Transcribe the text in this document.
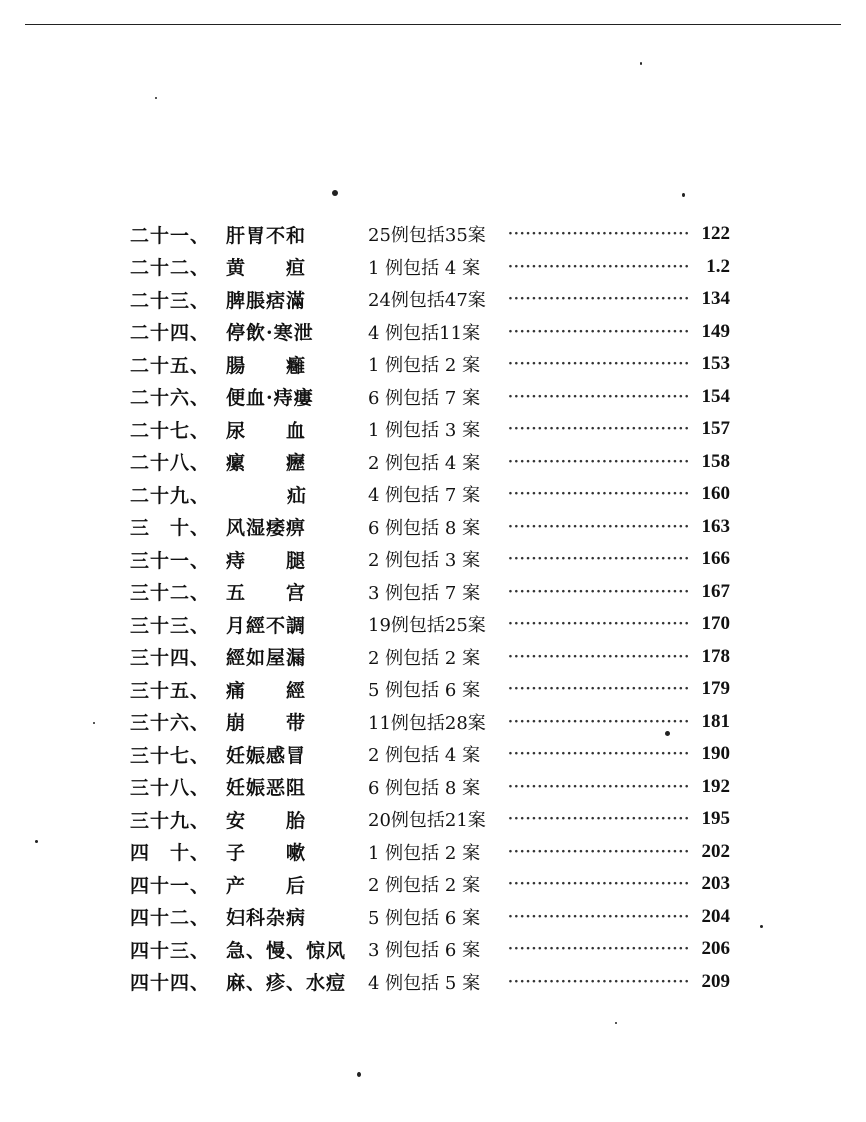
二十一、 肝胃不和	25例包括35案 ·····	122
二十二、 黄　　疸	1 例包括 4 案 ·····	1.2
二十三、 脾脹痞滿	24例包括47案 ·····	134
二十四、 停飲·寒泄	4 例包括11案 ·····	149
二十五、 腸　　癰	1 例包括 2 案 ·····	153
二十六、 便血·痔瘻	6 例包括 7 案 ·····	154
二十七、 尿　　血	1 例包括 3 案 ·····	157
二十八、 瘰　　癧	2 例包括 4 案 ·····	158
二十九、	疝	4 例包括 7 案 ·····	160
三　十、 风湿痿痹	6 例包括 8 案 ·····	163
三十一、 痔　　腿	2 例包括 3 案 ·····	166
三十二、 五　　宫	3 例包括 7 案 ·····	167
三十三、 月經不調	19例包括25案 ·····	170
三十四、 經如屋漏	2 例包括 2 案 ·····	178
三十五、 痛　　經	5 例包括 6 案 ·····	179
三十六、 崩　　带	11例包括28案 ·····	181
三十七、 妊娠感冒	2 例包括 4 案 ·····	190
三十八、 妊娠恶阻	6 例包括 8 案 ·····	192
三十九、 安　　胎	20例包括21案 ·····	195
四　十、 子　　嗽	1 例包括 2 案 ·····	202
四十一、 产　　后	2 例包括 2 案 ·····	203
四十二、 妇科杂病	5 例包括 6 案 ·····	204
四十三、 急、慢、惊风	3 例包括 6 案 ·····	206
四十四、 麻、疹、水痘	4 例包括 5 案 ·····	209
